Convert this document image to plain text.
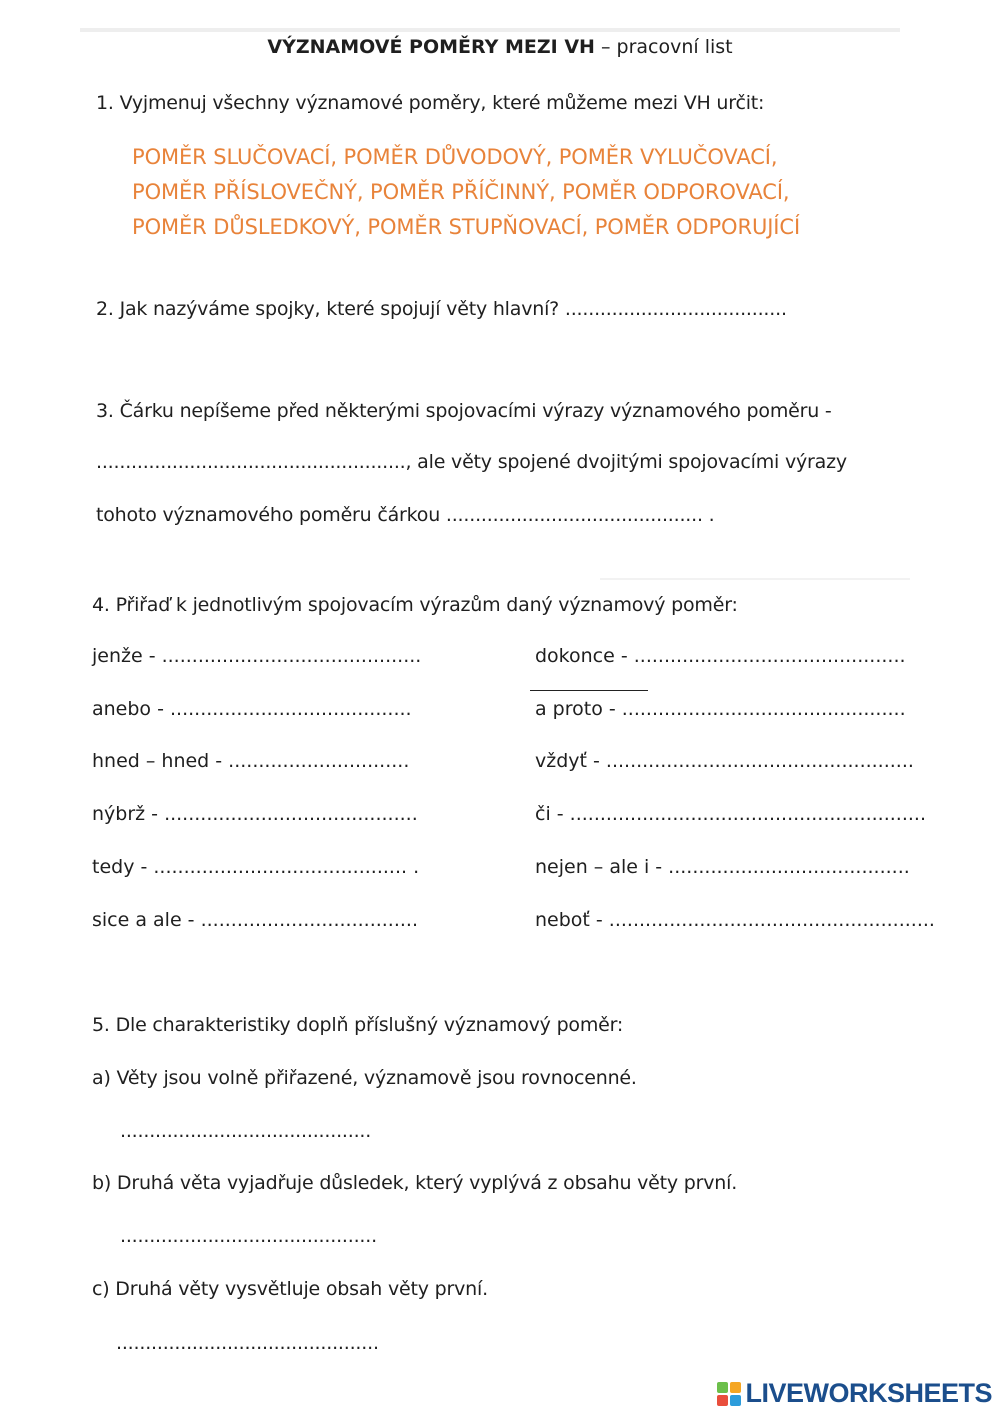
VÝZNAMOVÉ POMĚRY MEZI VH – pracovní list
1. Vyjmenuj všechny významové poměry, které můžeme mezi VH určit:
POMĚR SLUČOVACÍ, POMĚR DŮVODOVÝ, POMĚR VYLUČOVACÍ,
POMĚR PŘÍSLOVEČNÝ, POMĚR PŘÍČINNÝ, POMĚR ODPOROVACÍ,
POMĚR DŮSLEDKOVÝ, POMĚR STUPŇOVACÍ, POMĚR ODPORUJÍCÍ
2. Jak nazýváme spojky, které spojují věty hlavní? ......................................
3. Čárku nepíšeme před některými spojovacími výrazy významového poměru -
....................................................., ale věty spojené dvojitými spojovacími výrazy
tohoto významového poměru čárkou ............................................ .
4. Přiřaď k jednotlivým spojovacím výrazům daný významový poměr:
jenže - ...........................................
anebo - ........................................
hned – hned - ..............................
nýbrž - ..........................................
tedy - .......................................... .
sice a ale - ....................................
dokonce - .............................................
a proto - ...............................................
vždyť - ...................................................
či - ...........................................................
nejen – ale i - ........................................
neboť - ......................................................
5. Dle charakteristiky doplň příslušný významový poměr:
a) Věty jsou volně přiřazené, významově jsou rovnocenné.
...........................................
b) Druhá věta vyjadřuje důsledek, který vyplývá z obsahu věty první.
............................................
c) Druhá věty vysvětluje obsah věty první.
.............................................
LIVEWORKSHEETS
